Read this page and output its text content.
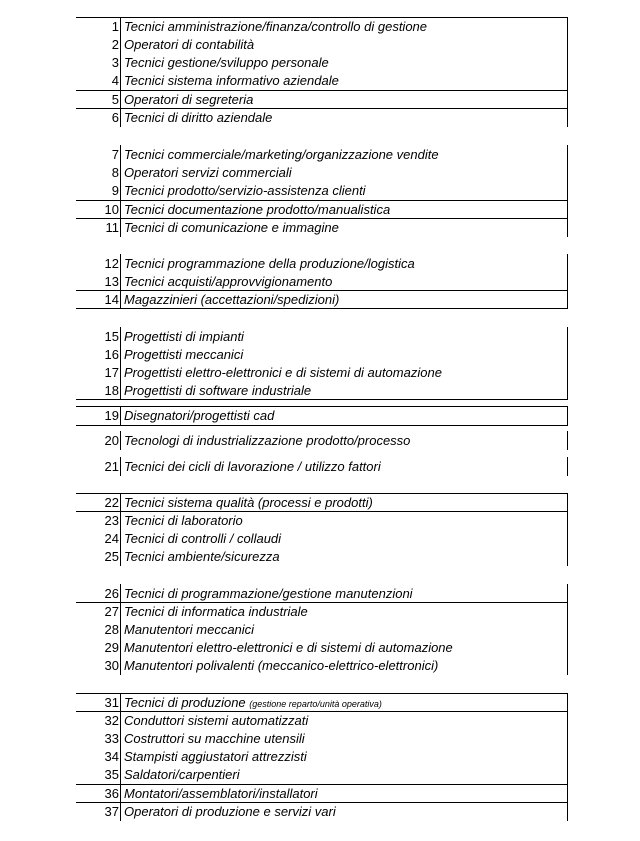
1 Tecnici amministrazione/finanza/controllo di gestione
2 Operatori di contabilità
3 Tecnici gestione/sviluppo personale
4 Tecnici sistema informativo aziendale
5 Operatori di segreteria
6 Tecnici di diritto aziendale
7 Tecnici commerciale/marketing/organizzazione vendite
8 Operatori servizi commerciali
9 Tecnici prodotto/servizio-assistenza clienti
10 Tecnici documentazione prodotto/manualistica
11 Tecnici di comunicazione e immagine
12 Tecnici programmazione della produzione/logistica
13 Tecnici acquisti/approvvigionamento
14 Magazzinieri (accettazioni/spedizioni)
15 Progettisti di impianti
16 Progettisti meccanici
17 Progettisti elettro-elettronici e di sistemi di automazione
18 Progettisti di software industriale
19 Disegnatori/progettisti cad
20 Tecnologi di industrializzazione prodotto/processo
21 Tecnici dei cicli di lavorazione / utilizzo fattori
22 Tecnici sistema qualità (processi e prodotti)
23 Tecnici di laboratorio
24 Tecnici di controlli / collaudi
25 Tecnici ambiente/sicurezza
26 Tecnici di programmazione/gestione manutenzioni
27 Tecnici di informatica industriale
28 Manutentori meccanici
29 Manutentori elettro-elettronici e di sistemi di automazione
30 Manutentori polivalenti (meccanico-elettrico-elettronici)
31 Tecnici di produzione (gestione reparto/unità operativa)
32 Conduttori sistemi automatizzati
33 Costruttori su macchine utensili
34 Stampisti aggiustatori attrezzisti
35 Saldatori/carpentieri
36 Montatori/assemblatori/installatori
37 Operatori di produzione e servizi vari
